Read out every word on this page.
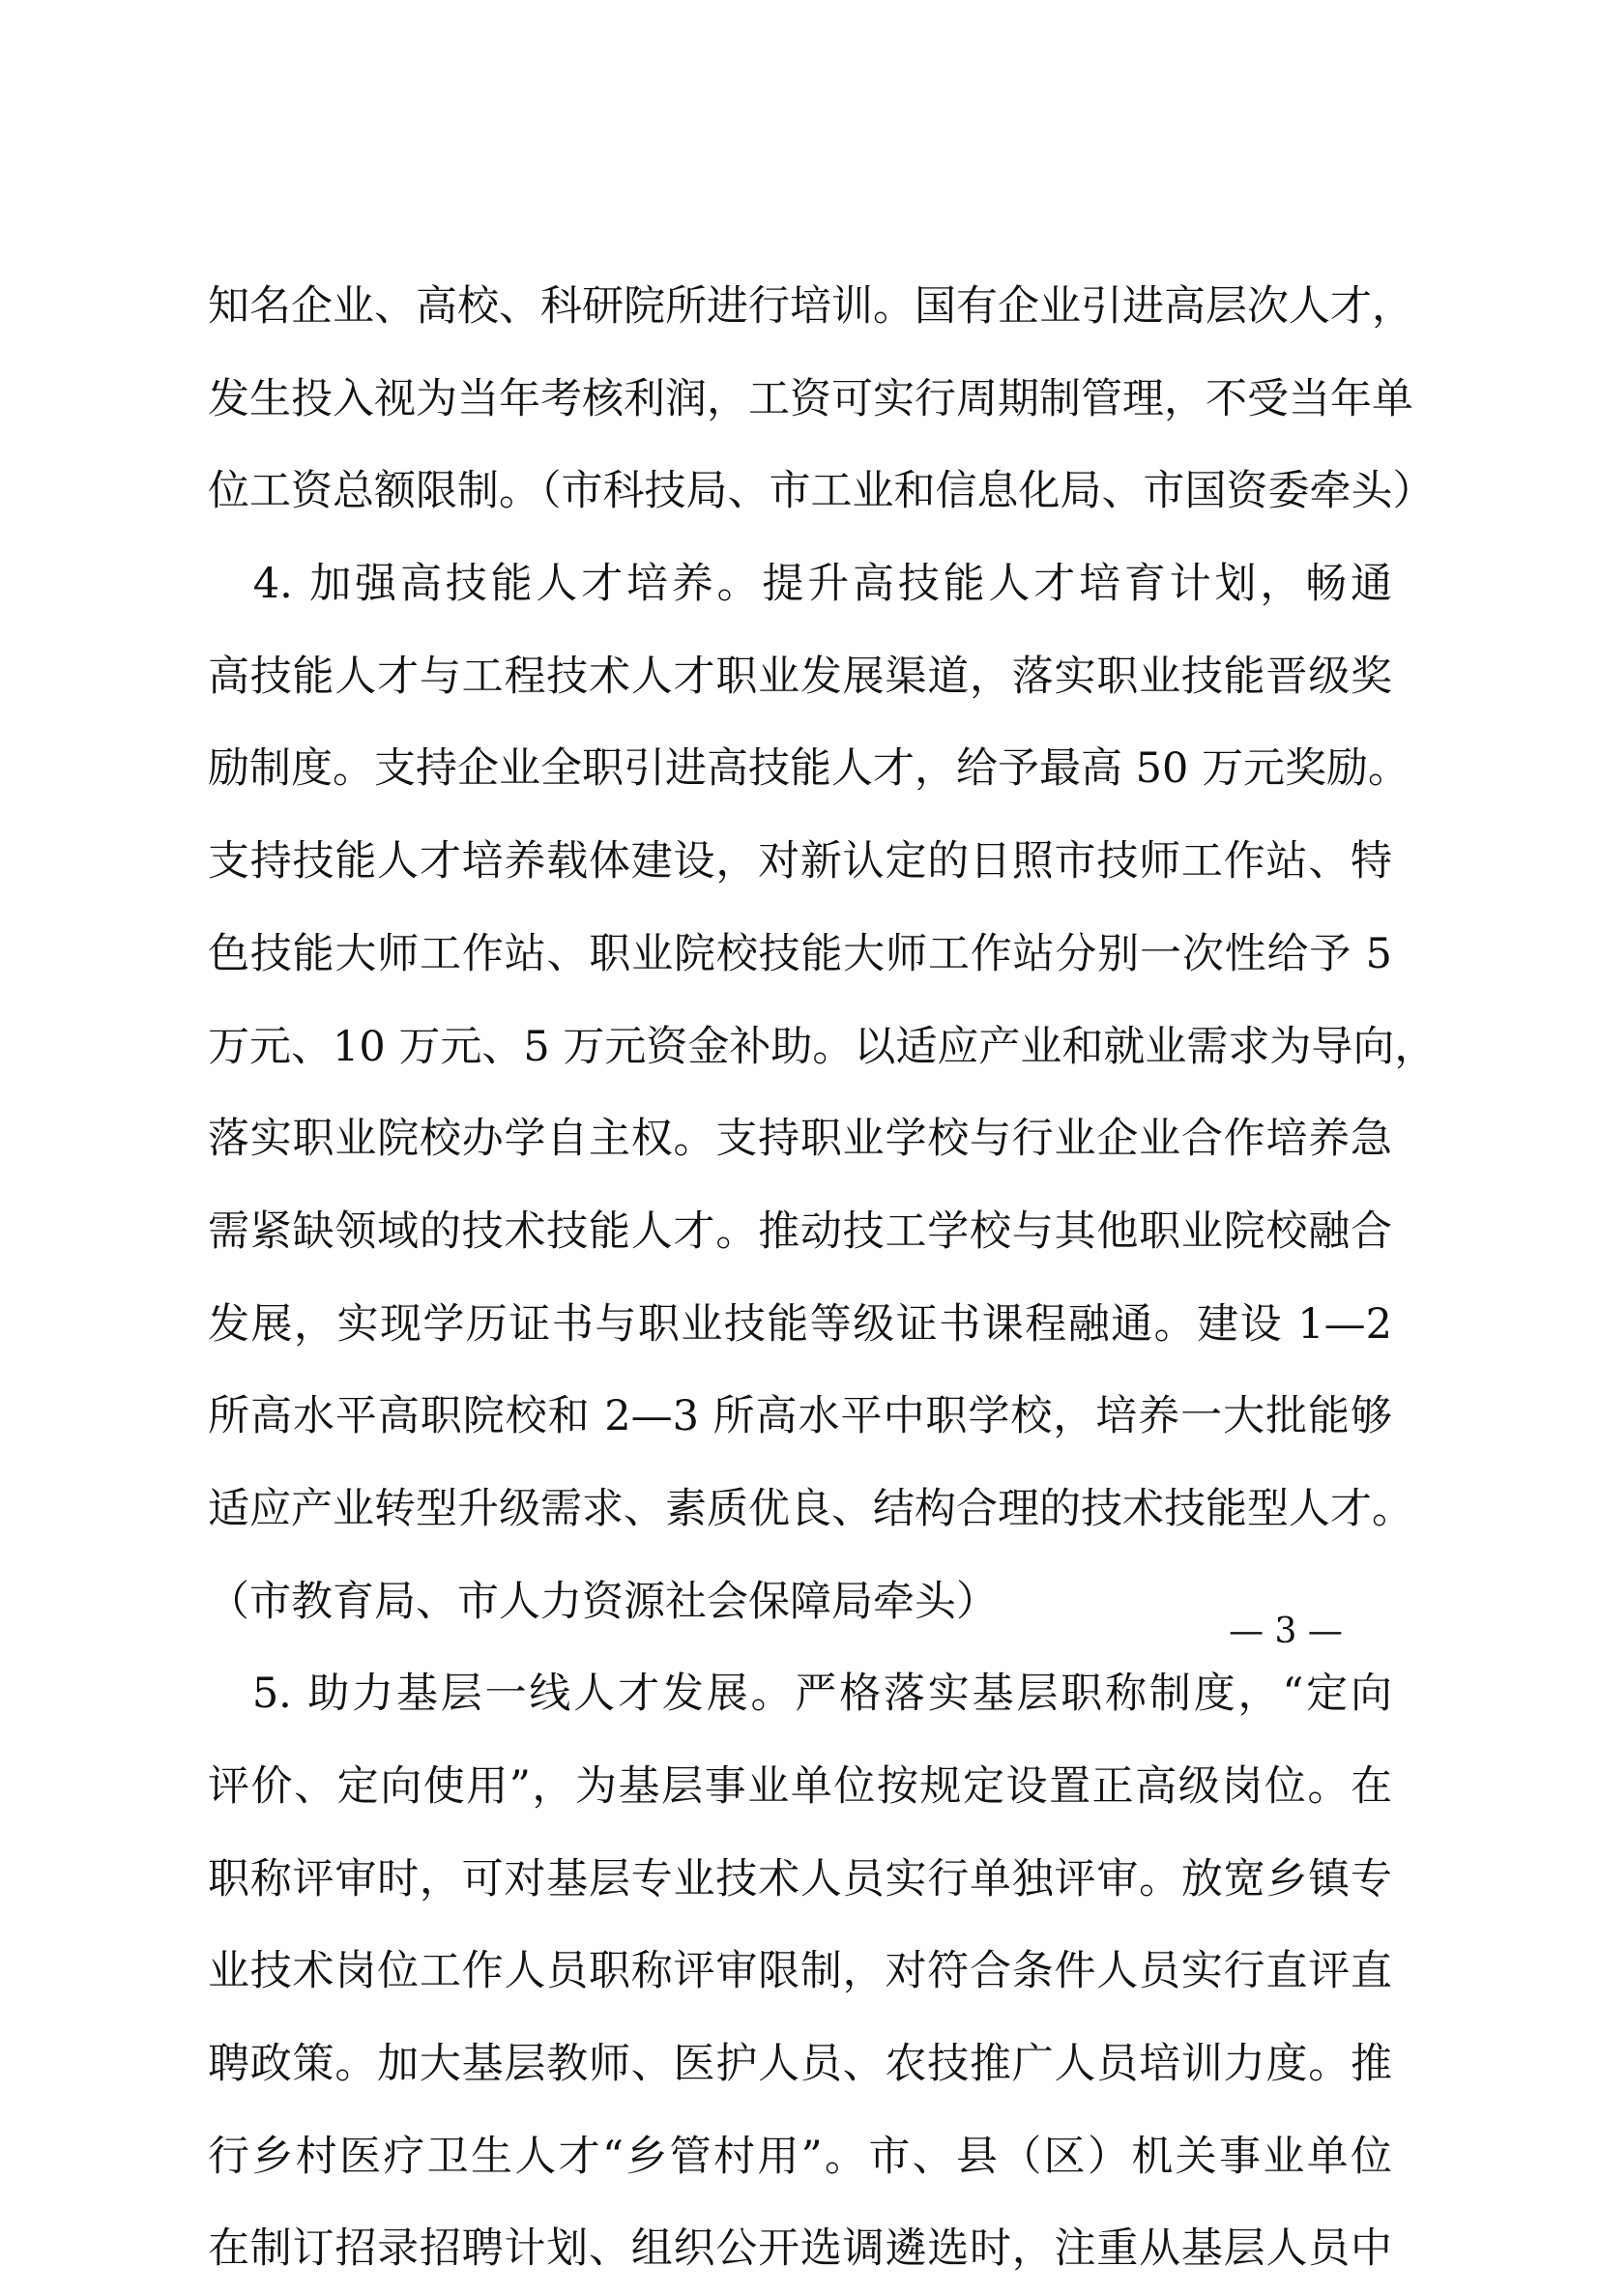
知名企业、高校、科研院所进行培训。国有企业引进高层次人才，
发生投入视为当年考核利润，工资可实行周期制管理，不受当年单
位工资总额限制。（市科技局、市工业和信息化局、市国资委牵头）
　4. 加强高技能人才培养。提升高技能人才培育计划，畅通
高技能人才与工程技术人才职业发展渠道，落实职业技能晋级奖
励制度。支持企业全职引进高技能人才，给予最高 50 万元奖励。
支持技能人才培养载体建设，对新认定的日照市技师工作站、特
色技能大师工作站、职业院校技能大师工作站分别一次性给予 5
万元、10 万元、5 万元资金补助。以适应产业和就业需求为导向，
落实职业院校办学自主权。支持职业学校与行业企业合作培养急
需紧缺领域的技术技能人才。推动技工学校与其他职业院校融合
发展，实现学历证书与职业技能等级证书课程融通。建设 1—2
所高水平高职院校和 2—3 所高水平中职学校，培养一大批能够
适应产业转型升级需求、素质优良、结构合理的技术技能型人才。
（市教育局、市人力资源社会保障局牵头）
　5. 助力基层一线人才发展。严格落实基层职称制度，“定向
评价、定向使用”，为基层事业单位按规定设置正高级岗位。在
职称评审时，可对基层专业技术人员实行单独评审。放宽乡镇专
业技术岗位工作人员职称评审限制，对符合条件人员实行直评直
聘政策。加大基层教师、医护人员、农技推广人员培训力度。推
行乡村医疗卫生人才“乡管村用”。市、县（区）机关事业单位
在制订招录招聘计划、组织公开选调遴选时，注重从基层人员中
— 3 —
